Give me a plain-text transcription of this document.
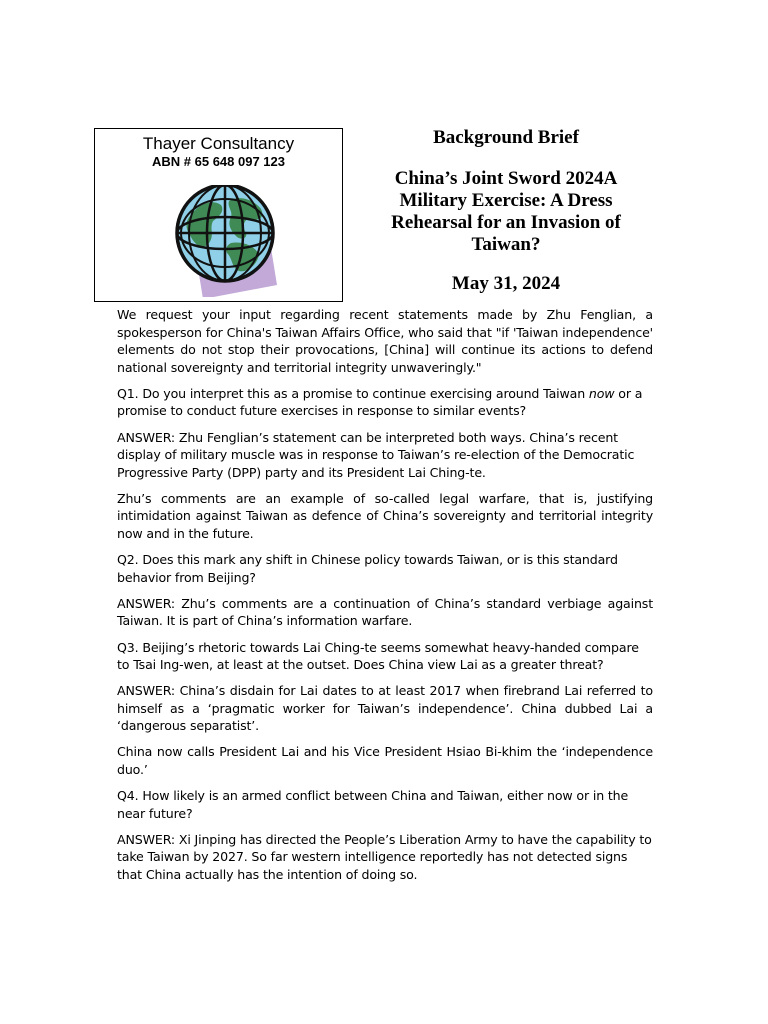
Thayer Consultancy
ABN # 65 648 097 123

Background Brief

China’s Joint Sword 2024A
Military Exercise: A Dress
Rehearsal for an Invasion of
Taiwan?

May 31, 2024

We request your input regarding recent statements made by Zhu Fenglian, a spokesperson for China's Taiwan Affairs Office, who said that "if 'Taiwan independence' elements do not stop their provocations, [China] will continue its actions to defend national sovereignty and territorial integrity unwaveringly."

Q1. Do you interpret this as a promise to continue exercising around Taiwan now or a promise to conduct future exercises in response to similar events?

ANSWER: Zhu Fenglian’s statement can be interpreted both ways. China’s recent display of military muscle was in response to Taiwan’s re-election of the Democratic Progressive Party (DPP) party and its President Lai Ching-te.

Zhu’s comments are an example of so-called legal warfare, that is, justifying intimidation against Taiwan as defence of China’s sovereignty and territorial integrity now and in the future.

Q2. Does this mark any shift in Chinese policy towards Taiwan, or is this standard behavior from Beijing?

ANSWER: Zhu’s comments are a continuation of China’s standard verbiage against Taiwan. It is part of China’s information warfare.

Q3. Beijing’s rhetoric towards Lai Ching-te seems somewhat heavy-handed compare to Tsai Ing-wen, at least at the outset. Does China view Lai as a greater threat?

ANSWER: China’s disdain for Lai dates to at least 2017 when firebrand Lai referred to himself as a ‘pragmatic worker for Taiwan’s independence’. China dubbed Lai a ‘dangerous separatist’.

China now calls President Lai and his Vice President Hsiao Bi-khim the ‘independence duo.’

Q4. How likely is an armed conflict between China and Taiwan, either now or in the near future?

ANSWER: Xi Jinping has directed the People’s Liberation Army to have the capability to take Taiwan by 2027. So far western intelligence reportedly has not detected signs that China actually has the intention of doing so.
